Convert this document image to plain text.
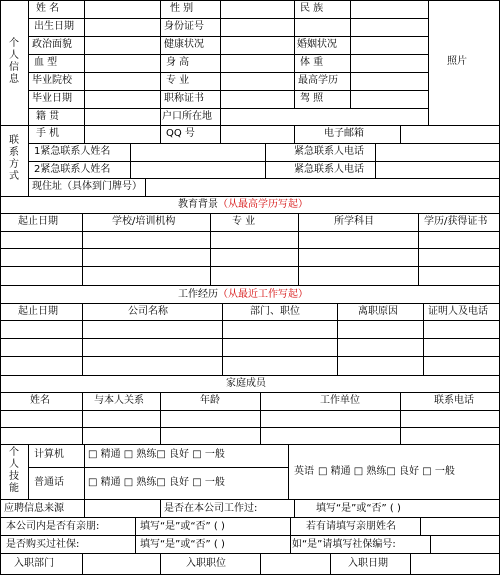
个
人
信
息
姓 名	性 别	民 族
出生日期	身份证号
政治面貌	健康状况	婚姻状况
血 型	身 高	体 重
毕业院校	专 业	最高学历
毕业日期	职称证书	驾 照
籍 贯	户口所在地
照片
联
系
方
式
手 机	QQ 号	电子邮箱
1紧急联系人姓名	紧急联系人电话
2紧急联系人姓名	紧急联系人电话
现住址（具体到门牌号）
教育背景（从最高学历写起）
起止日期	学校/培训机构	专 业	所学科目	学历/获得证书
工作经历（从最近工作写起）
起止日期	公司名称	部门、职位	离职原因	证明人及电话
家庭成员
姓名	与本人关系	年龄	工作单位	联系电话
个
人
技
能
计算机 □ 精通 □ 熟练□ 良好 □ 一般
普通话 □ 精通 □ 熟练□ 良好 □ 一般
英语 □ 精通 □ 熟练□ 良好 □ 一般
应聘信息来源	是否在本公司工作过:	填写“是”或“否” ( )
本公司内是否有亲朋:	填写“是”或“否” ( )	若有请填写亲朋姓名
是否购买过社保:	填写“是”或“否” ( )	如“是”请填写社保编号:
入职部门	入职职位	入职日期
